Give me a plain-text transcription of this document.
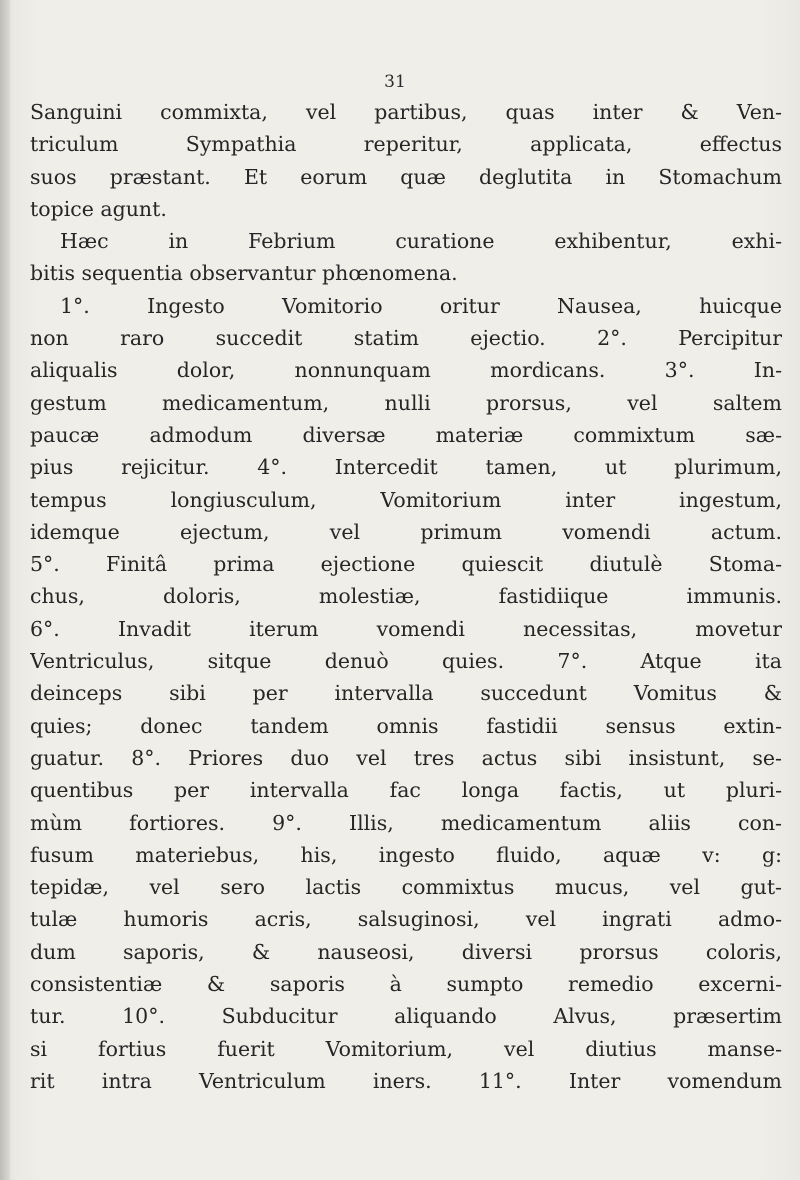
31
Sanguini commixta, vel partibus, quas inter & Ven-
triculum Sympathia reperitur, applicata, effectus
suos præstant. Et eorum quæ deglutita in Stomachum
topice agunt.
Hæc in Febrium curatione exhibentur, exhi-
bitis sequentia observantur phœnomena.
1°. Ingesto Vomitorio oritur Nausea, huicque
non raro succedit statim ejectio. 2°. Percipitur
aliqualis dolor, nonnunquam mordicans. 3°. In-
gestum medicamentum, nulli prorsus, vel saltem
paucæ admodum diversæ materiæ commixtum sæ-
pius rejicitur. 4°. Intercedit tamen, ut plurimum,
tempus longiusculum, Vomitorium inter ingestum,
idemque ejectum, vel primum vomendi actum.
5°. Finitâ prima ejectione quiescit diutulè Stoma-
chus, doloris, molestiæ, fastidiique immunis.
6°. Invadit iterum vomendi necessitas, movetur
Ventriculus, sitque denuò quies. 7°. Atque ita
deinceps sibi per intervalla succedunt Vomitus &
quies; donec tandem omnis fastidii sensus extin-
guatur. 8°. Priores duo vel tres actus sibi insistunt, se-
quentibus per intervalla fac longa factis, ut pluri-
mùm fortiores. 9°. Illis, medicamentum aliis con-
fusum materiebus, his, ingesto fluido, aquæ v: g:
tepidæ, vel sero lactis commixtus mucus, vel gut-
tulæ humoris acris, salsuginosi, vel ingrati admo-
dum saporis, & nauseosi, diversi prorsus coloris,
consistentiæ & saporis à sumpto remedio excerni-
tur. 10°. Subducitur aliquando Alvus, præsertim
si fortius fuerit Vomitorium, vel diutius manse-
rit intra Ventriculum iners. 11°. Inter vomendum
